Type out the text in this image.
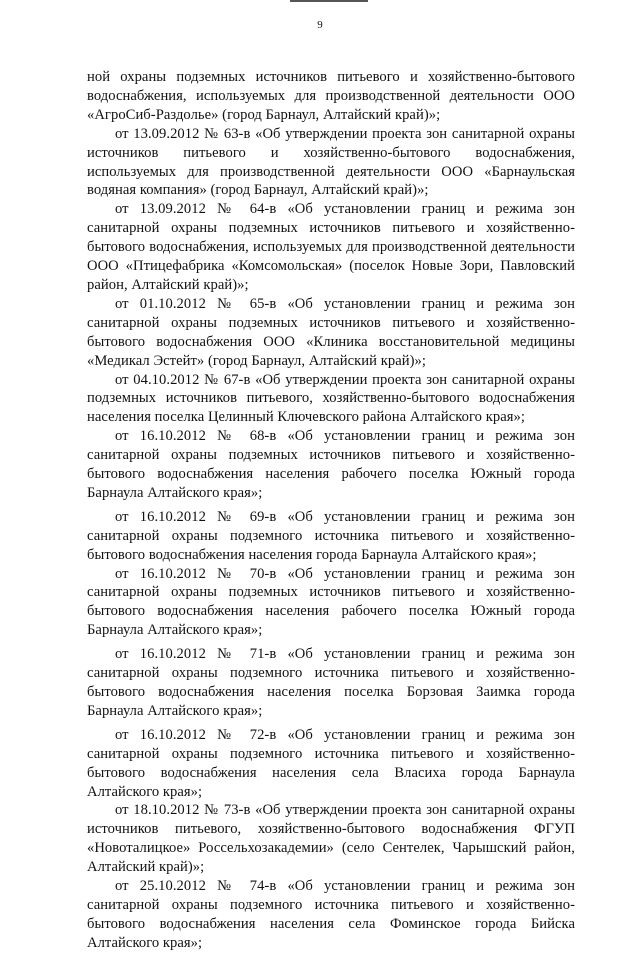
9

ной охраны подземных источников питьевого и хозяйственно-бытового водоснабжения, используемых для производственной деятельности ООО «АгроСиб-Раздолье» (город Барнаул, Алтайский край)»;

от 13.09.2012 № 63-в «Об утверждении проекта зон санитарной охраны источников питьевого и хозяйственно-бытового водоснабжения, используемых для производственной деятельности ООО «Барнаульская водяная компания» (город Барнаул, Алтайский край)»;

от 13.09.2012 № 64-в «Об установлении границ и режима зон санитарной охраны подземных источников питьевого и хозяйственно-бытового водоснабжения, используемых для производственной деятельности ООО «Птицефабрика «Комсомольская» (поселок Новые Зори, Павловский район, Алтайский край)»;

от 01.10.2012 № 65-в «Об установлении границ и режима зон санитарной охраны подземных источников питьевого и хозяйственно-бытового водоснабжения ООО «Клиника восстановительной медицины «Медикал Эстейт» (город Барнаул, Алтайский край)»;

от 04.10.2012 № 67-в «Об утверждении проекта зон санитарной охраны подземных источников питьевого, хозяйственно-бытового водоснабжения населения поселка Целинный Ключевского района Алтайского края»;

от 16.10.2012 № 68-в «Об установлении границ и режима зон санитарной охраны подземных источников питьевого и хозяйственно-бытового водоснабжения населения рабочего поселка Южный города Барнаула Алтайского края»;

от 16.10.2012 № 69-в «Об установлении границ и режима зон санитарной охраны подземного источника питьевого и хозяйственно-бытового водоснабжения населения города Барнаула Алтайского края»;

от 16.10.2012 № 70-в «Об установлении границ и режима зон санитарной охраны подземных источников питьевого и хозяйственно-бытового водоснабжения населения рабочего поселка Южный города Барнаула Алтайского края»;

от 16.10.2012 № 71-в «Об установлении границ и режима зон санитарной охраны подземного источника питьевого и хозяйственно-бытового водоснабжения населения поселка Борзовая Заимка города Барнаула Алтайского края»;

от 16.10.2012 № 72-в «Об установлении границ и режима зон санитарной охраны подземного источника питьевого и хозяйственно-бытового водоснабжения населения села Власиха города Барнаула Алтайского края»;

от 18.10.2012 № 73-в «Об утверждении проекта зон санитарной охраны источников питьевого, хозяйственно-бытового водоснабжения ФГУП «Новоталицкое» Россельхозакадемии» (село Сентелек, Чарышский район, Алтайский край)»;

от 25.10.2012 № 74-в «Об установлении границ и режима зон санитарной охраны подземного источника питьевого и хозяйственно-бытового водоснабжения населения села Фоминское города Бийска Алтайского края»;
